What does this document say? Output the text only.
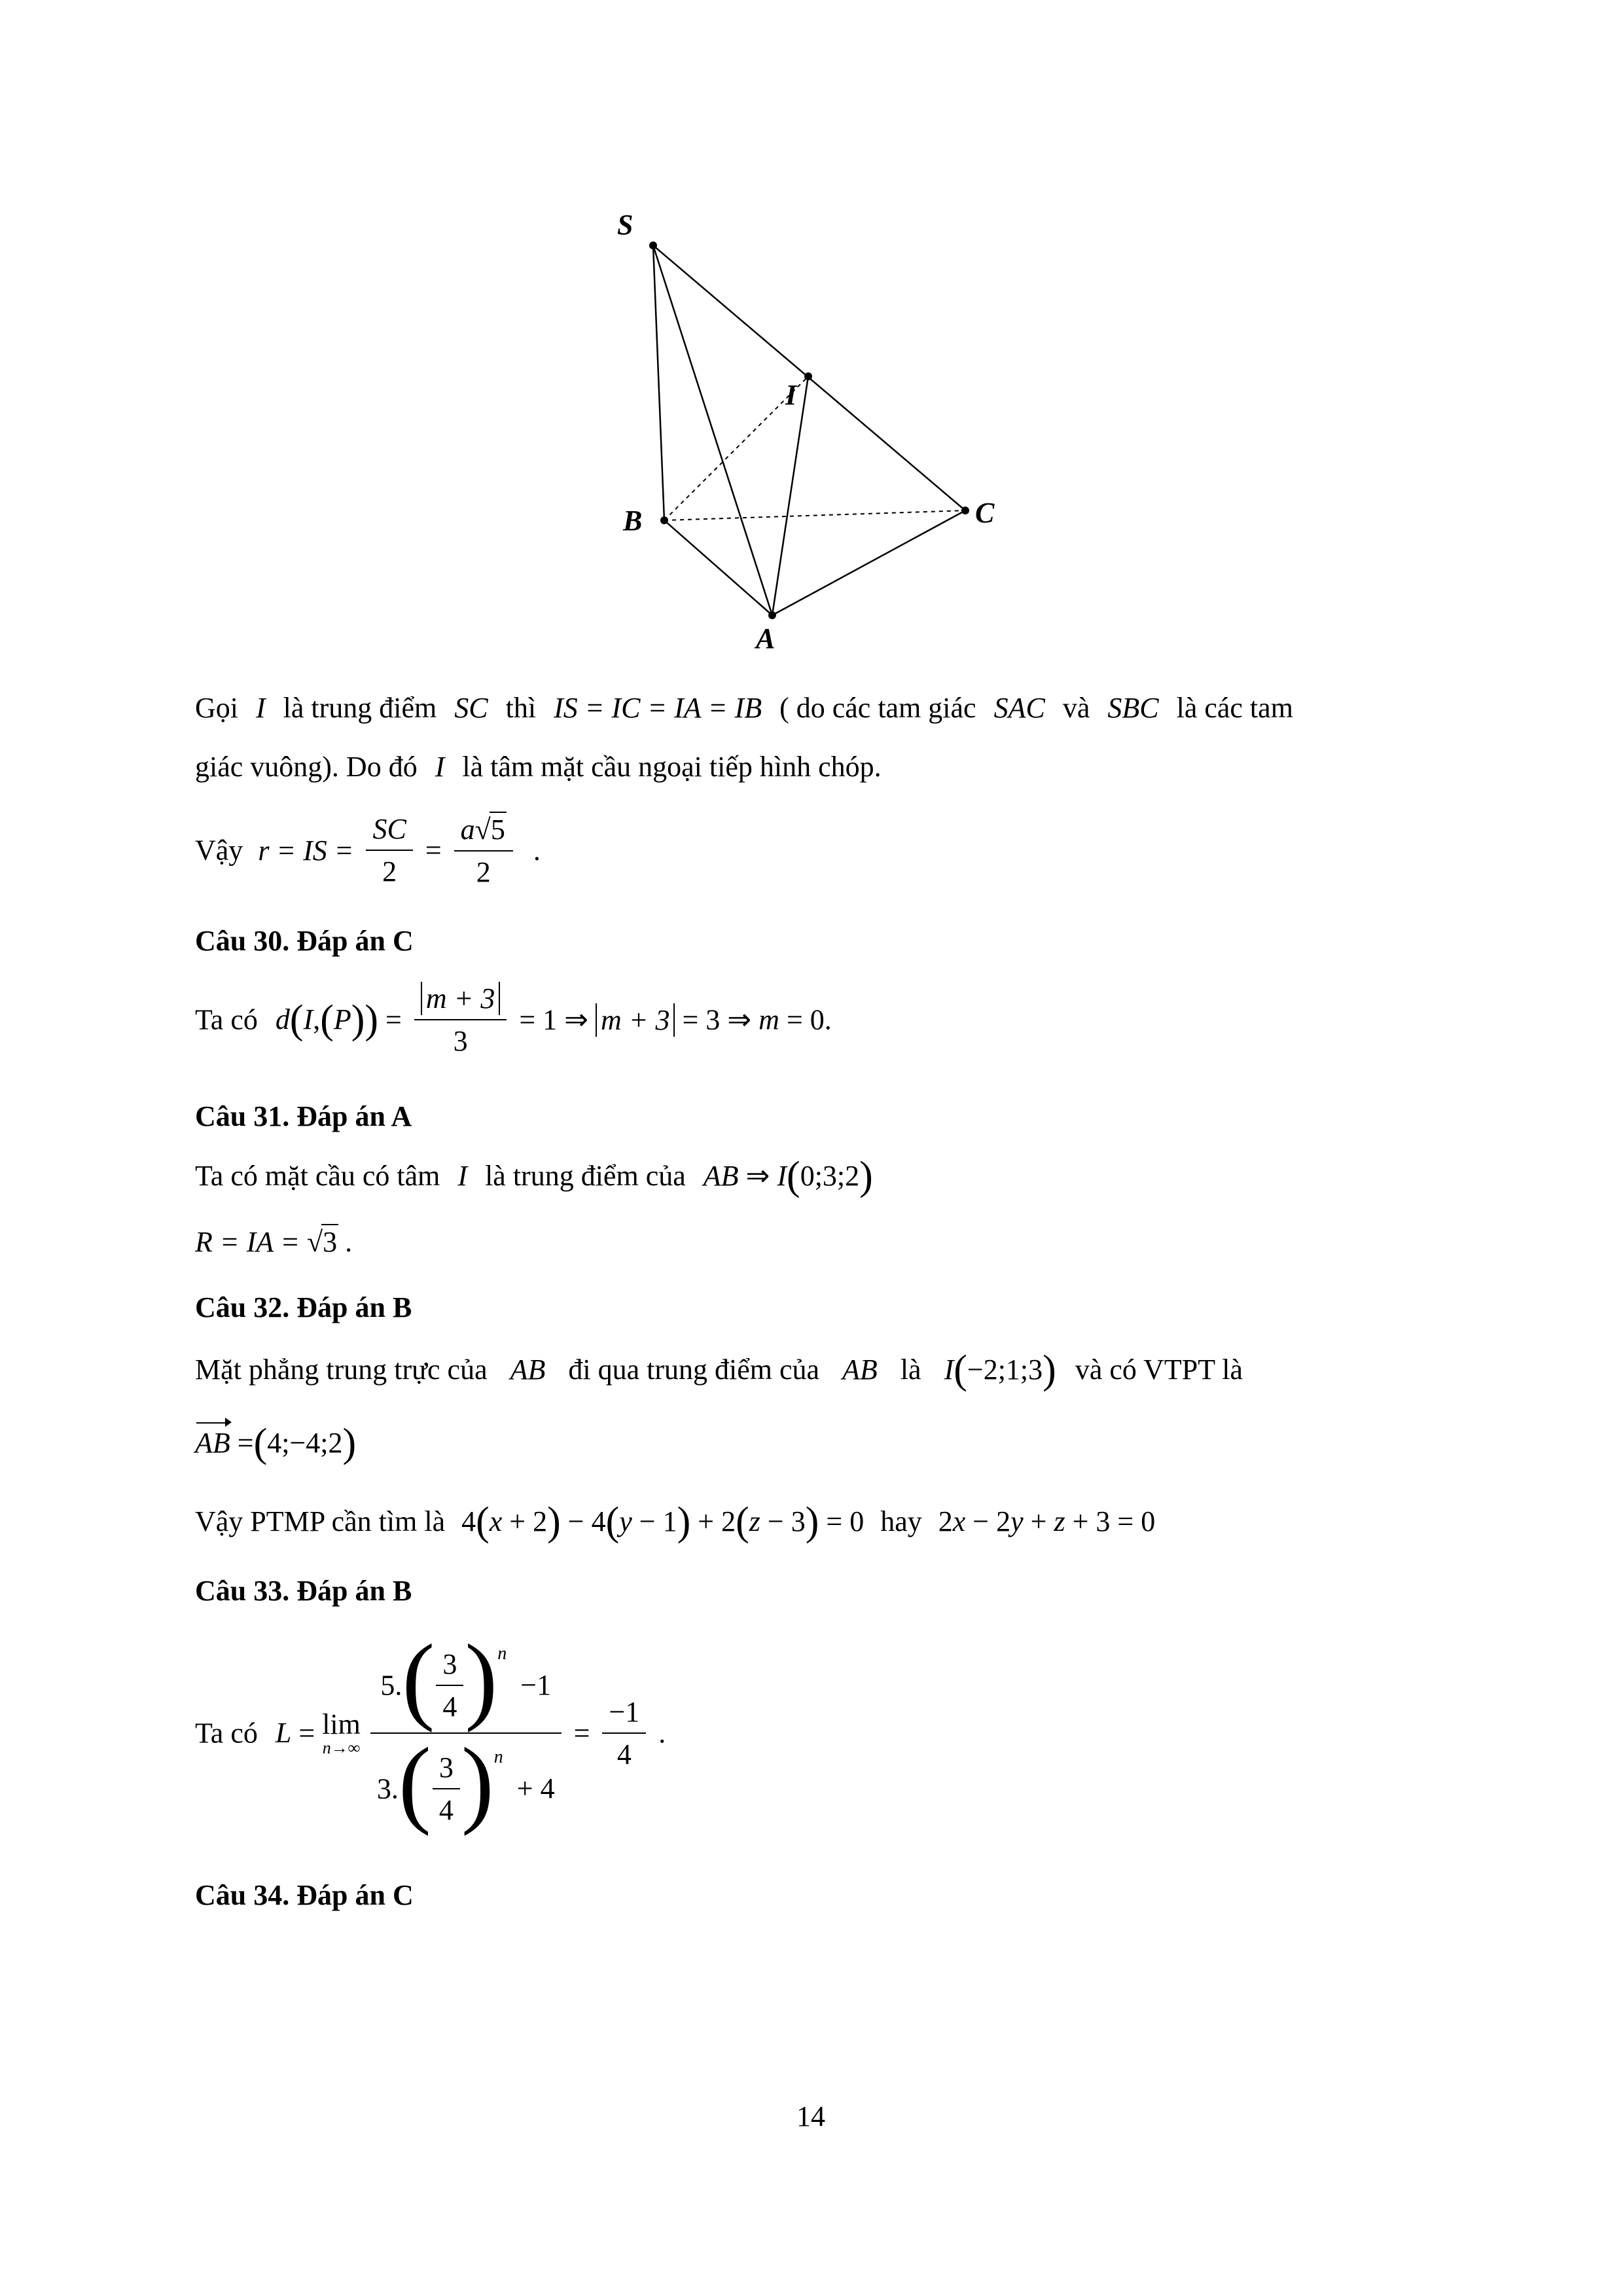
S
I
B	C
A
Gọi I là trung điểm SC thì IS = IC = IA = IB ( do các tam giác SAC và SBC là các tam
giác vuông). Do đó I là tâm mặt cầu ngoại tiếp hình chóp.
Vậy r = IS = $\frac{SC}{2} = \frac{a√5}{2}$ .
Câu 30. Đáp án C
Ta có $d(I,(P)) = \frac{m + 3}{3} = 1$ ⇒ m + 3 = 3 ⇒ m = 0.
Câu 31. Đáp án A
Ta có mặt cầu có tâm I là trung điểm của AB ⇒ I(0;3;2)
R = IA = √3 .
Câu 32. Đáp án B
Mặt phẳng trung trực của AB đi qua trung điểm của AB là I(−2;1;3) và có VTPT là
AB =(4;−4;2)
Vậy PTMP cần tìm là 4(x + 2) − 4(y − 1) + 2(z − 3) = 0 hay 2x − 2y + z + 3 = 0
Câu 33. Đáp án B
Ta có L = lim
n→∞
$\frac{5.( \frac{3}{4} )^n -1}{3.( \frac{3}{4} )^n + 4} = \frac{-1}{4}$ .
Câu 34. Đáp án C
14
